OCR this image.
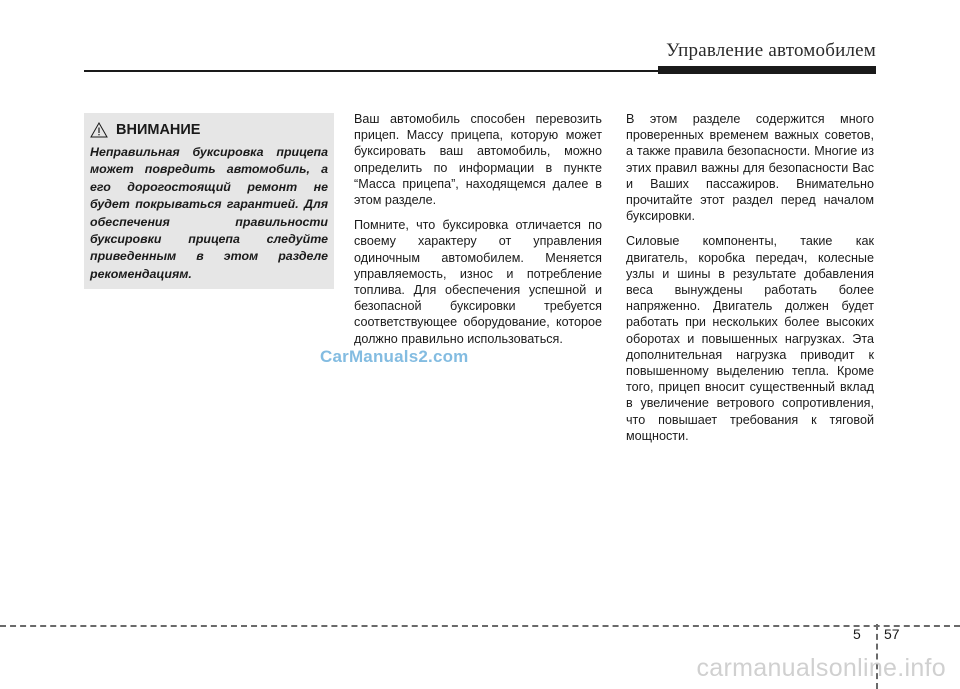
Управление автомобилем
ВНИМАНИЕ
Неправильная буксировка прицепа может повредить автомобиль, а его дорогостоящий ремонт не будет покрываться гарантией. Для обеспечения правильности буксировки прицепа следуйте приведенным в этом разделе рекомендациям.

Ваш автомобиль способен перевозить прицеп. Массу прицепа, которую может буксировать ваш автомобиль, можно определить по информации в пункте “Масса прицепа”, находящемся далее в этом разделе.

Помните, что буксировка отличается по своему характеру от управления одиночным автомобилем. Меняется управляемость, износ и потребление топлива. Для обеспечения успешной и безопасной буксировки требуется соответствующее оборудование, которое должно правильно использоваться.

В этом разделе содержится много проверенных временем важных советов, а также правила безопасности. Многие из этих правил важны для безопасности Вас и Ваших пассажиров. Внимательно прочитайте этот раздел перед началом буксировки.

Силовые компоненты, такие как двигатель, коробка передач, колесные узлы и шины в результате добавления веса вынуждены работать более напряженно. Двигатель должен будет работать при нескольких более высоких оборотах и повышенных нагрузках. Эта дополнительная нагрузка приводит к повышенному выделению тепла. Кроме того, прицеп вносит существенный вклад в увеличение ветрового сопротивления, что повышает требования к тяговой мощности.

CarManuals2.com
5 57
carmanualsonline.info
